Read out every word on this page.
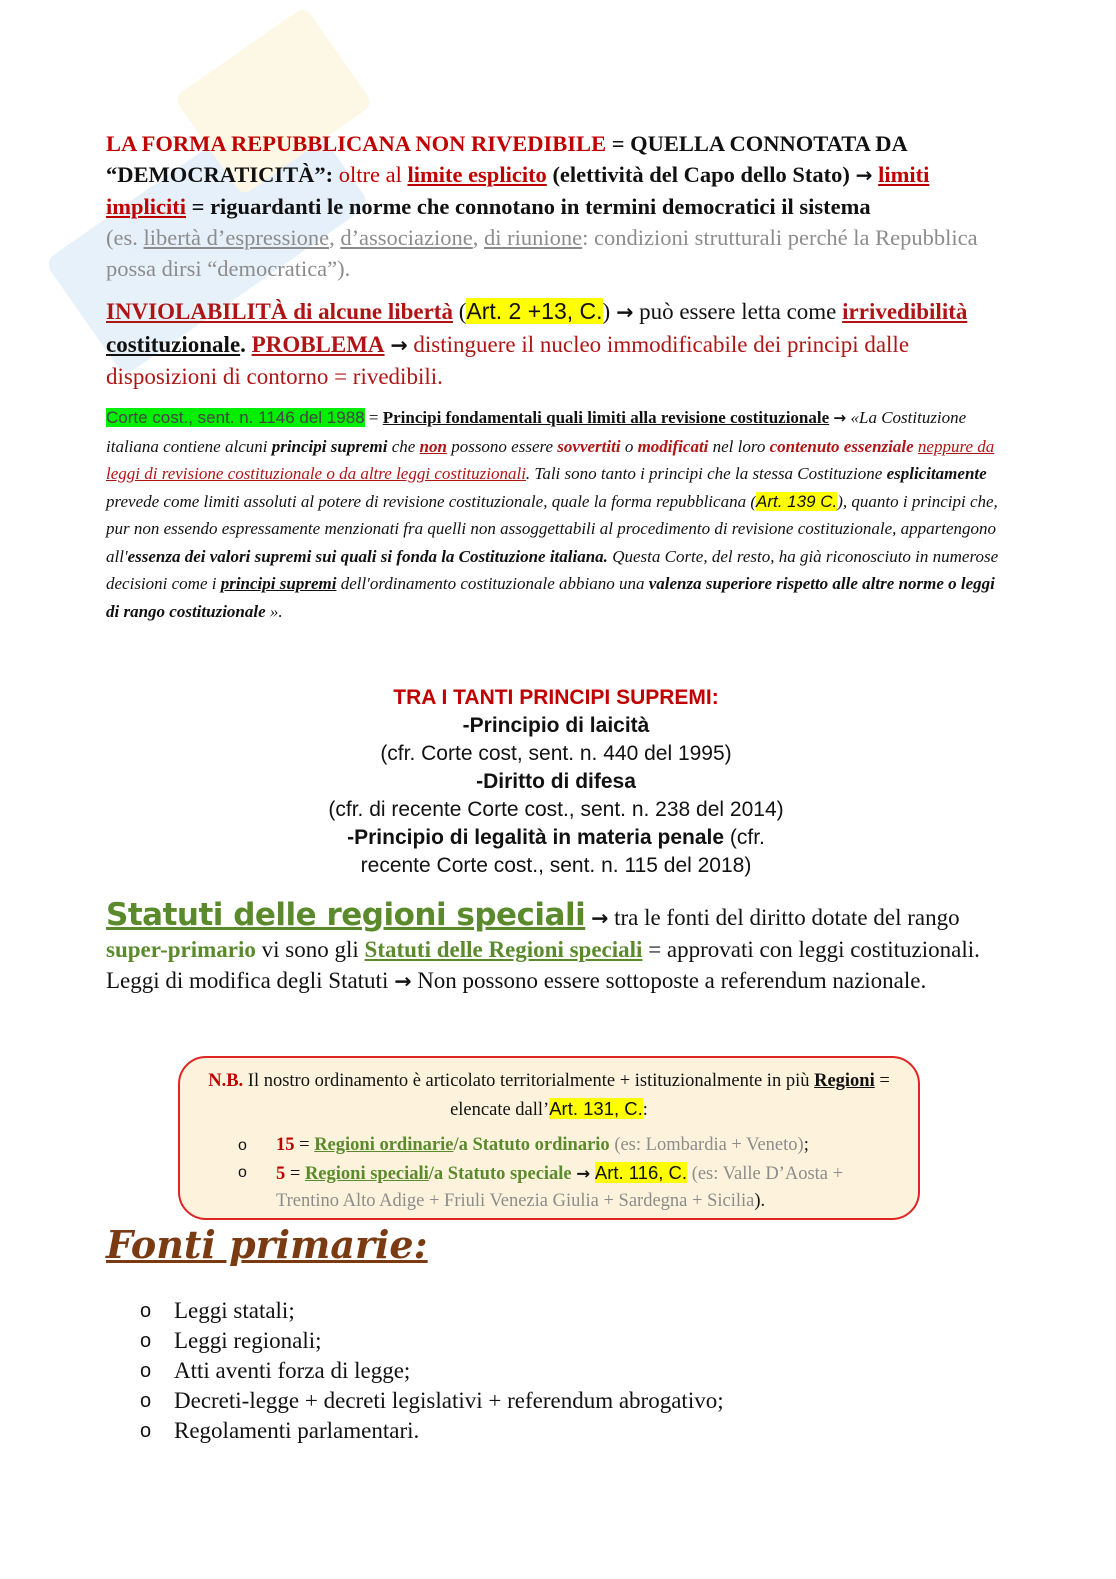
LA FORMA REPUBBLICANA NON RIVEDIBILE = QUELLA CONNOTATA DA “DEMOCRATICITÀ”: oltre al limite esplicito (elettività del Capo dello Stato) → limiti impliciti = riguardanti le norme che connotano in termini democratici il sistema
(es. libertà d’espressione, d’associazione, di riunione: condizioni strutturali perché la Repubblica possa dirsi “democratica”).
INVIOLABILITÀ di alcune libertà (Art. 2 +13, C.) → può essere letta come irrivedibilità costituzionale. PROBLEMA → distinguere il nucleo immodificabile dei principi dalle disposizioni di contorno = rivedibili.
Corte cost., sent. n. 1146 del 1988 = Principi fondamentali quali limiti alla revisione costituzionale → «La Costituzione italiana contiene alcuni principi supremi che non possono essere sovvertiti o modificati nel loro contenuto essenziale neppure da leggi di revisione costituzionale o da altre leggi costituzionali. Tali sono tanto i principi che la stessa Costituzione esplicitamente prevede come limiti assoluti al potere di revisione costituzionale, quale la forma repubblicana (Art. 139 C.), quanto i principi che, pur non essendo espressamente menzionati fra quelli non assoggettabili al procedimento di revisione costituzionale, appartengono all'essenza dei valori supremi sui quali si fonda la Costituzione italiana. Questa Corte, del resto, ha già riconosciuto in numerose decisioni come i principi supremi dell'ordinamento costituzionale abbiano una valenza superiore rispetto alle altre norme o leggi di rango costituzionale ».
TRA I TANTI PRINCIPI SUPREMI:
-Principio di laicità
(cfr. Corte cost, sent. n. 440 del 1995)
-Diritto di difesa
(cfr. di recente Corte cost., sent. n. 238 del 2014)
-Principio di legalità in materia penale (cfr.
recente Corte cost., sent. n. 115 del 2018)
Statuti delle regioni speciali → tra le fonti del diritto dotate del rango super-primario vi sono gli Statuti delle Regioni speciali = approvati con leggi costituzionali. Leggi di modifica degli Statuti → Non possono essere sottoposte a referendum nazionale.
N.B. Il nostro ordinamento è articolato territorialmente + istituzionalmente in più Regioni = elencate dall’Art. 131, C.:
o 15 = Regioni ordinarie/a Statuto ordinario (es: Lombardia + Veneto);
o 5 = Regioni speciali/a Statuto speciale → Art. 116, C. (es: Valle D’Aosta + Trentino Alto Adige + Friuli Venezia Giulia + Sardegna + Sicilia).
Fonti primarie:
o Leggi statali;
o Leggi regionali;
o Atti aventi forza di legge;
o Decreti-legge + decreti legislativi + referendum abrogativo;
o Regolamenti parlamentari.
